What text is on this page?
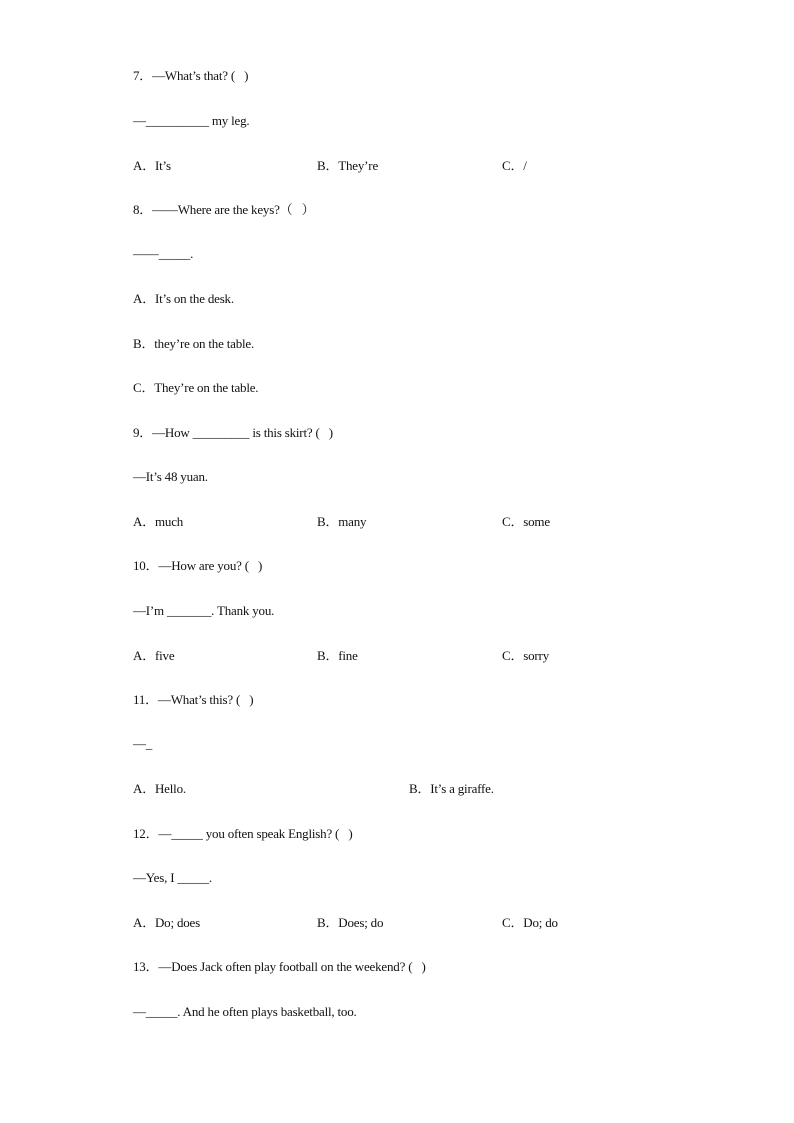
7．—What’s that? (   )
—__________ my leg.
A．It’s	B．They’re	C．/
8．——Where are the keys?（   ）
——_____.
A．It’s on the desk.
B．they’re on the table.
C．They’re on the table.
9．—How _________ is this skirt? (   )
—It’s 48 yuan.
A．much	B．many	C．some
10．—How are you? (   )
—I’m _______. Thank you.
A．five	B．fine	C．sorry
11．—What’s this? (   )
—_
A．Hello.	B．It’s a giraffe.
12．—_____ you often speak English? (   )
—Yes, I _____.
A．Do; does	B．Does; do	C．Do; do
13．—Does Jack often play football on the weekend? (   )
—_____. And he often plays basketball, too.
